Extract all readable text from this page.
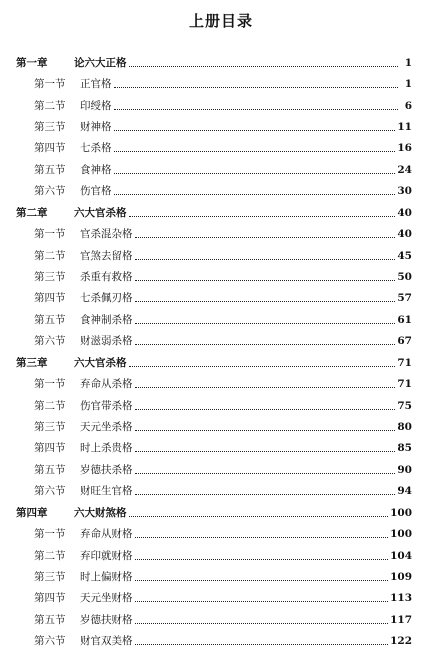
上册目录
第一章	论六大正格	1
第一节	正官格	1
第二节	印绶格	6
第三节	财神格	11
第四节	七杀格	16
第五节	食神格	24
第六节	伤官格	30
第二章	六大官杀格	40
第一节	官杀混杂格	40
第二节	官煞去留格	45
第三节	杀重有救格	50
第四节	七杀佩刃格	57
第五节	食神制杀格	61
第六节	财滋弱杀格	67
第三章	六大官杀格	71
第一节	弃命从杀格	71
第二节	伤官带杀格	75
第三节	天元坐杀格	80
第四节	时上杀贵格	85
第五节	岁德扶杀格	90
第六节	财旺生官格	94
第四章	六大财煞格	100
第一节	弃命从财格	100
第二节	弃印就财格	104
第三节	时上偏财格	109
第四节	天元坐财格	113
第五节	岁德扶财格	117
第六节	财官双美格	122
